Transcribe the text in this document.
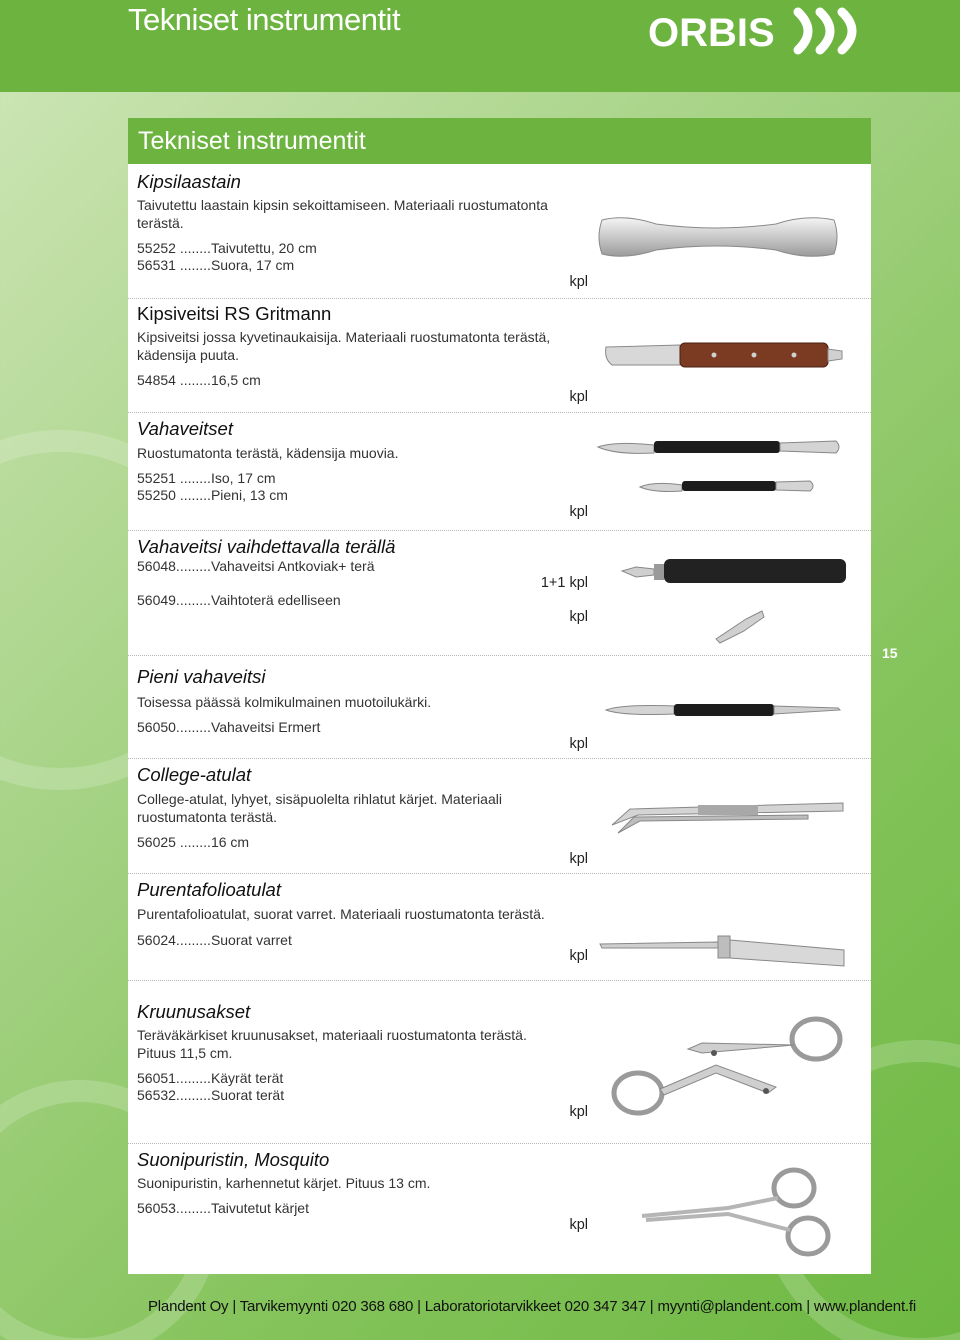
Tekniset instrumentit	ORBIS
Tekniset instrumentit
Kipsilaastain
Taivutettu laastain kipsin sekoittamiseen. Materiaali ruostumatonta terästä.
55252 ........Taivutettu, 20 cm
56531 ........Suora, 17 cm
kpl
Kipsiveitsi RS Gritmann
Kipsiveitsi jossa kyvetinaukaisija. Materiaali ruostumatonta terästä, kädensija puuta.
54854 ........16,5 cm
kpl
Vahaveitset
Ruostumatonta terästä, kädensija muovia.
55251 ........Iso, 17 cm
55250 ........Pieni, 13 cm
kpl
Vahaveitsi vaihdettavalla terällä
56048.........Vahaveitsi Antkoviak+ terä
56049.........Vaihtoterä edelliseen
1+1 kpl
kpl
Pieni vahaveitsi
Toisessa päässä kolmikulmainen muotoilukärki.
56050.........Vahaveitsi Ermert
kpl
College-atulat
College-atulat, lyhyet, sisäpuolelta rihlatut kärjet. Materiaali ruostumatonta terästä.
56025 ........16 cm
kpl
Purentafolioatulat
Purentafolioatulat, suorat varret. Materiaali ruostumatonta terästä.
56024.........Suorat varret
kpl
Kruunusakset
Teräväkärkiset kruunusakset, materiaali ruostumatonta terästä. Pituus 11,5 cm.
56051.........Käyrät terät
56532.........Suorat terät
kpl
Suonipuristin, Mosquito
Suonipuristin, karhennetut kärjet. Pituus 13 cm.
56053.........Taivutetut kärjet
kpl
15
Plandent Oy | Tarvikemyynti 020 368 680 | Laboratoriotarvikkeet 020 347 347 | myynti@plandent.com | www.plandent.fi
